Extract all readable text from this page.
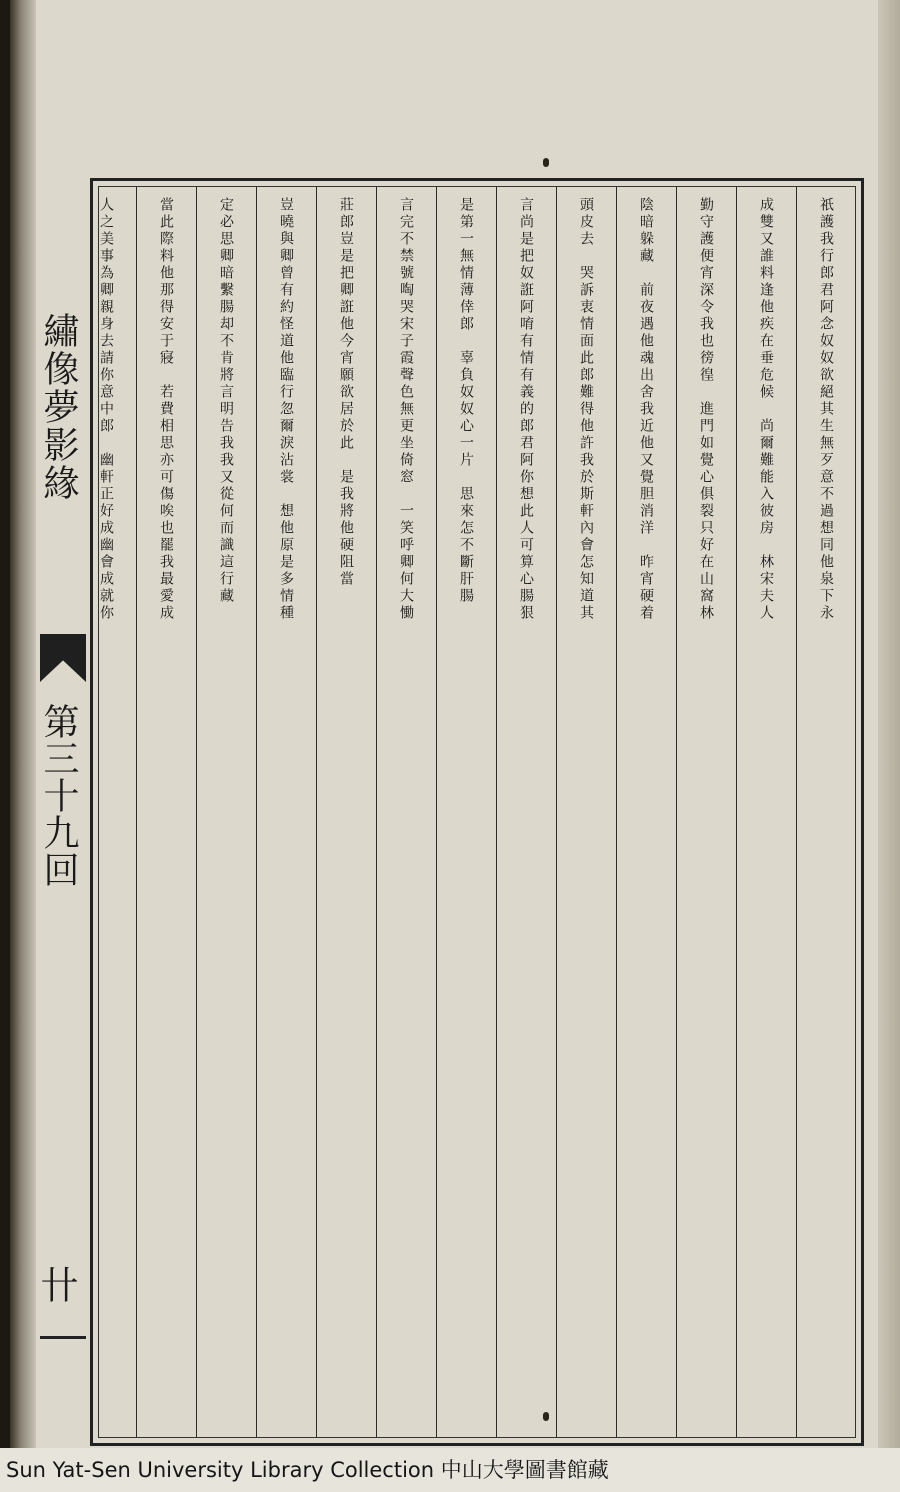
繡像夢影緣
第三十九回
卄
祇護我行郎君阿念奴奴欲絕其生無歹意不過想同他泉下永
成雙又誰料逢他疾在垂危候　尚爾難能入彼房　林宋夫人
勤守護便宵深令我也徬徨　進門如覺心俱裂只好在山窩林
陰暗躲藏　前夜遇他魂出舍我近他又覺胆消洋　昨宵硬着
頭皮去　哭訴衷情面此郎難得他許我於斯軒內會怎知道其
言尚是把奴誑阿唷有情有義的郎君阿你想此人可算心腸狠
是第一無情薄倖郎　辜負奴奴心一片　思來怎不斷肝腸
言完不禁號啕哭宋子霞聲色無更坐倚窓　一笑呼卿何大慟
莊郎豈是把卿誑他今宵願欲居於此　是我將他硬阻當
豈曉與卿曾有約怪道他臨行忽爾淚沾裳　想他原是多情種
定必思卿暗繫腸却不肯將言明告我我又從何而識這行藏
當此際料他那得安于寢　若費相思亦可傷唉也罷我最愛成
人之美事為卿親身去請你意中郎　幽軒正好成幽會成就你
Sun Yat-Sen University Library Collection 中山大學圖書館藏
